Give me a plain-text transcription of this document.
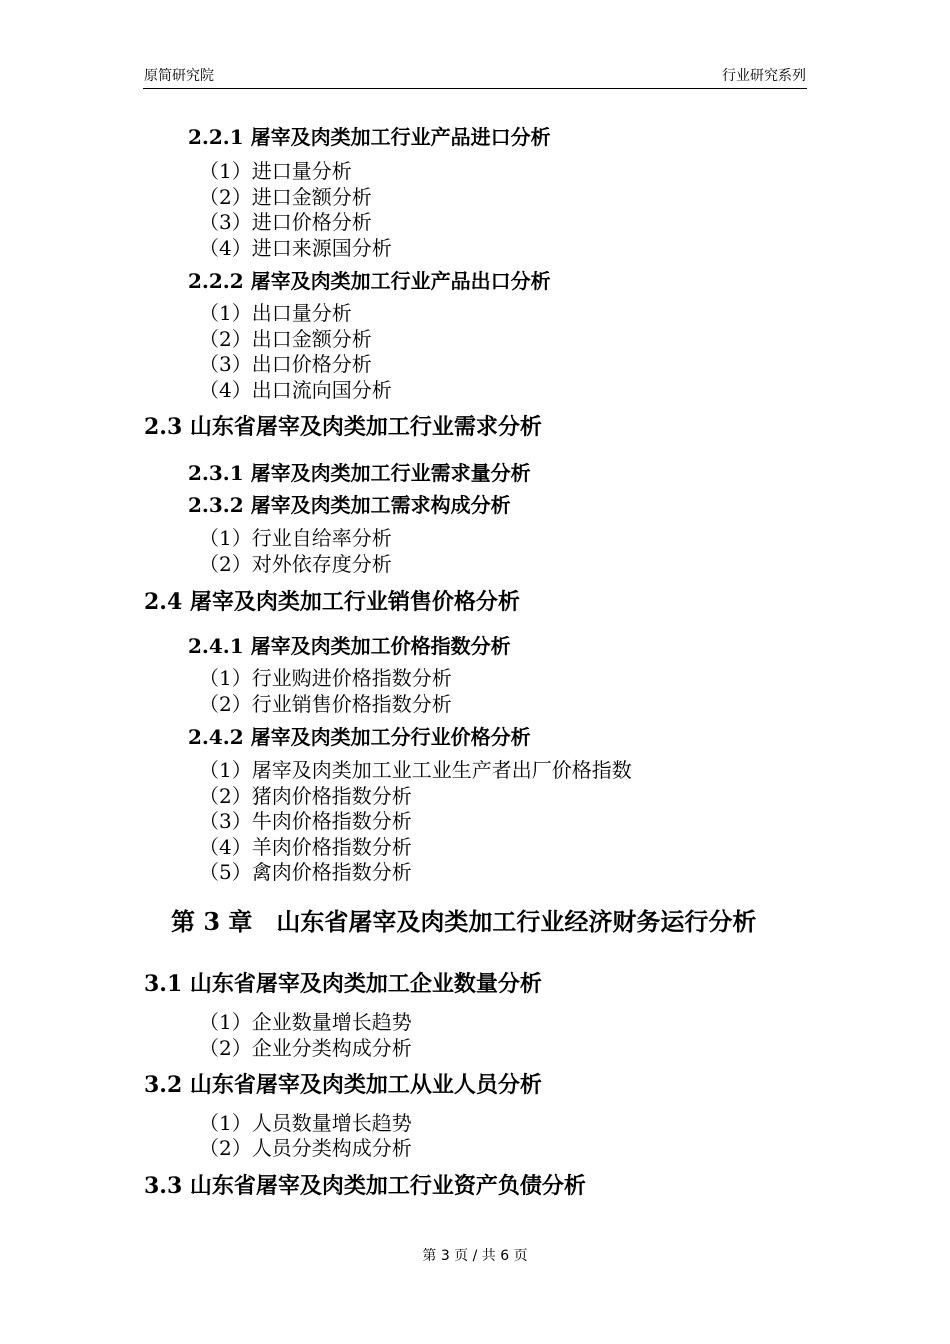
原简研究院	行业研究系列
2.2.1 屠宰及肉类加工行业产品进口分析
（1）进口量分析
（2）进口金额分析
（3）进口价格分析
（4）进口来源国分析
2.2.2 屠宰及肉类加工行业产品出口分析
（1）出口量分析
（2）出口金额分析
（3）出口价格分析
（4）出口流向国分析
2.3 山东省屠宰及肉类加工行业需求分析
2.3.1 屠宰及肉类加工行业需求量分析
2.3.2 屠宰及肉类加工需求构成分析
（1）行业自给率分析
（2）对外依存度分析
2.4 屠宰及肉类加工行业销售价格分析
2.4.1 屠宰及肉类加工价格指数分析
（1）行业购进价格指数分析
（2）行业销售价格指数分析
2.4.2 屠宰及肉类加工分行业价格分析
（1）屠宰及肉类加工业工业生产者出厂价格指数
（2）猪肉价格指数分析
（3）牛肉价格指数分析
（4）羊肉价格指数分析
（5）禽肉价格指数分析
第 3 章　山东省屠宰及肉类加工行业经济财务运行分析
3.1 山东省屠宰及肉类加工企业数量分析
（1）企业数量增长趋势
（2）企业分类构成分析
3.2 山东省屠宰及肉类加工从业人员分析
（1）人员数量增长趋势
（2）人员分类构成分析
3.3 山东省屠宰及肉类加工行业资产负债分析
第 3 页 / 共 6 页
